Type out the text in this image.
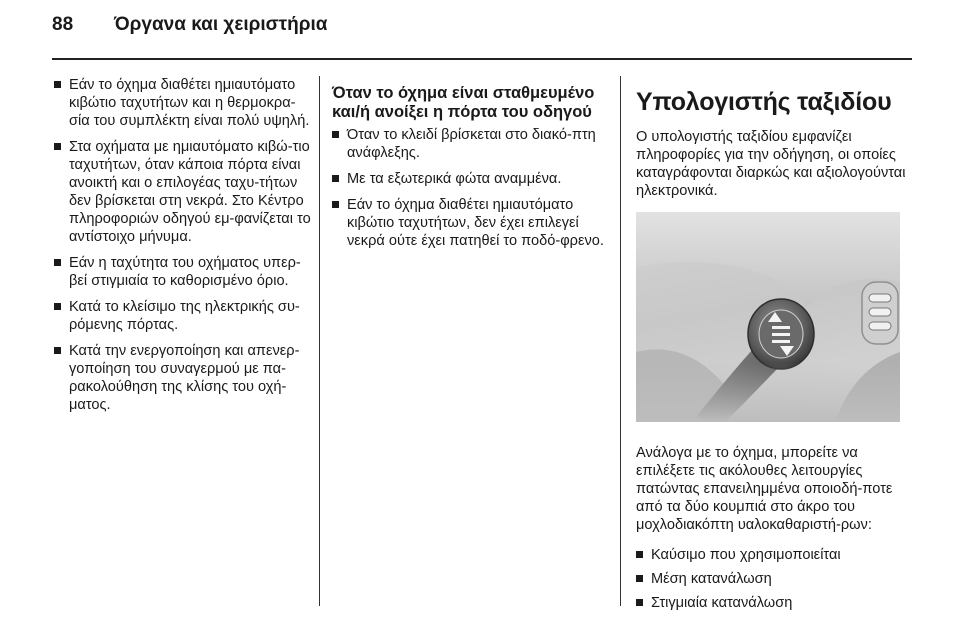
88	Όργανα και χειριστήρια
Εάν το όχημα διαθέτει ημιαυτόματο κιβώτιο ταχυτήτων και η θερμοκρα-σία του συμπλέκτη είναι πολύ υψηλή.
Στα οχήματα με ημιαυτόματο κιβώ-τιο ταχυτήτων, όταν κάποια πόρτα είναι ανοικτή και ο επιλογέας ταχυ-τήτων δεν βρίσκεται στη νεκρά. Στο Κέντρο πληροφοριών οδηγού εμ-φανίζεται το αντίστοιχο μήνυμα.
Εάν η ταχύτητα του οχήματος υπερ-βεί στιγμιαία το καθορισμένο όριο.
Κατά το κλείσιμο της ηλεκτρικής συ-ρόμενης πόρτας.
Κατά την ενεργοποίηση και απενερ-γοποίηση του συναγερμού με πα-ρακολούθηση της κλίσης του οχή-ματος.
Όταν το όχημα είναι σταθμευμένο και/ή ανοίξει η πόρτα του οδηγού
Όταν το κλειδί βρίσκεται στο διακό-πτη ανάφλεξης.
Με τα εξωτερικά φώτα αναμμένα.
Εάν το όχημα διαθέτει ημιαυτόματο κιβώτιο ταχυτήτων, δεν έχει επιλεγεί νεκρά ούτε έχει πατηθεί το ποδό-φρενο.
Υπολογιστής ταξιδίου

Ο υπολογιστής ταξιδίου εμφανίζει πληροφορίες για την οδήγηση, οι οποίες καταγράφονται διαρκώς και αξιολογούνται ηλεκτρονικά.

Ανάλογα με το όχημα, μπορείτε να επιλέξετε τις ακόλουθες λειτουργίες πατώντας επανειλημμένα οποιοδή-ποτε από τα δύο κουμπιά στο άκρο του μοχλοδιακόπτη υαλοκαθαριστή-ρων:

Καύσιμο που χρησιμοποιείται
Μέση κατανάλωση
Στιγμιαία κατανάλωση
